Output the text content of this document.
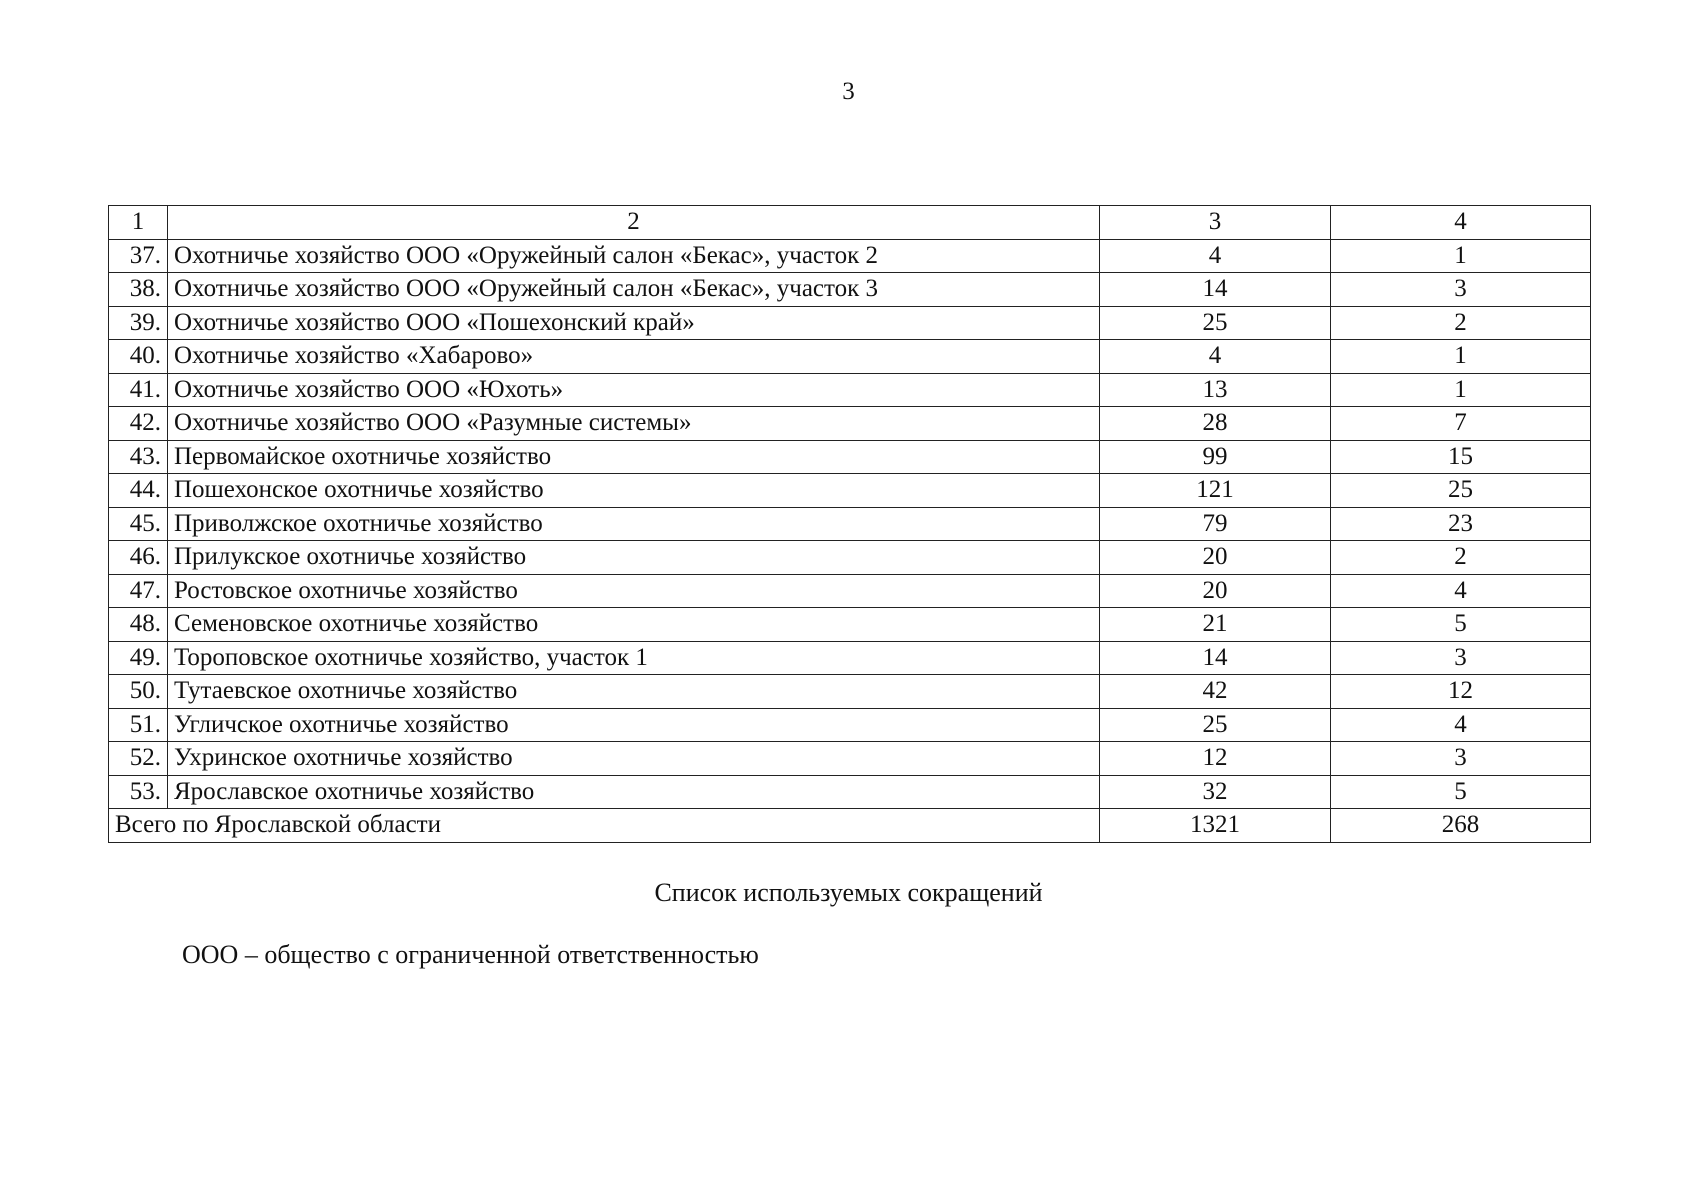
3
1	2	3	4
37.	Охотничье хозяйство ООО «Оружейный салон «Бекас», участок 2	4	1
38.	Охотничье хозяйство ООО «Оружейный салон «Бекас», участок 3	14	3
39.	Охотничье хозяйство ООО «Пошехонский край»	25	2
40.	Охотничье хозяйство «Хабарово»	4	1
41.	Охотничье хозяйство ООО «Юхоть»	13	1
42.	Охотничье хозяйство ООО «Разумные системы»	28	7
43.	Первомайское охотничье хозяйство	99	15
44.	Пошехонское охотничье хозяйство	121	25
45.	Приволжское охотничье хозяйство	79	23
46.	Прилукское охотничье хозяйство	20	2
47.	Ростовское охотничье хозяйство	20	4
48.	Семеновское охотничье хозяйство	21	5
49.	Тороповское охотничье хозяйство, участок 1	14	3
50.	Тутаевское охотничье хозяйство	42	12
51.	Угличское охотничье хозяйство	25	4
52.	Ухринское охотничье хозяйство	12	3
53.	Ярославское охотничье хозяйство	32	5
Всего по Ярославской области		1321	268
Список используемых сокращений
ООО – общество с ограниченной ответственностью
